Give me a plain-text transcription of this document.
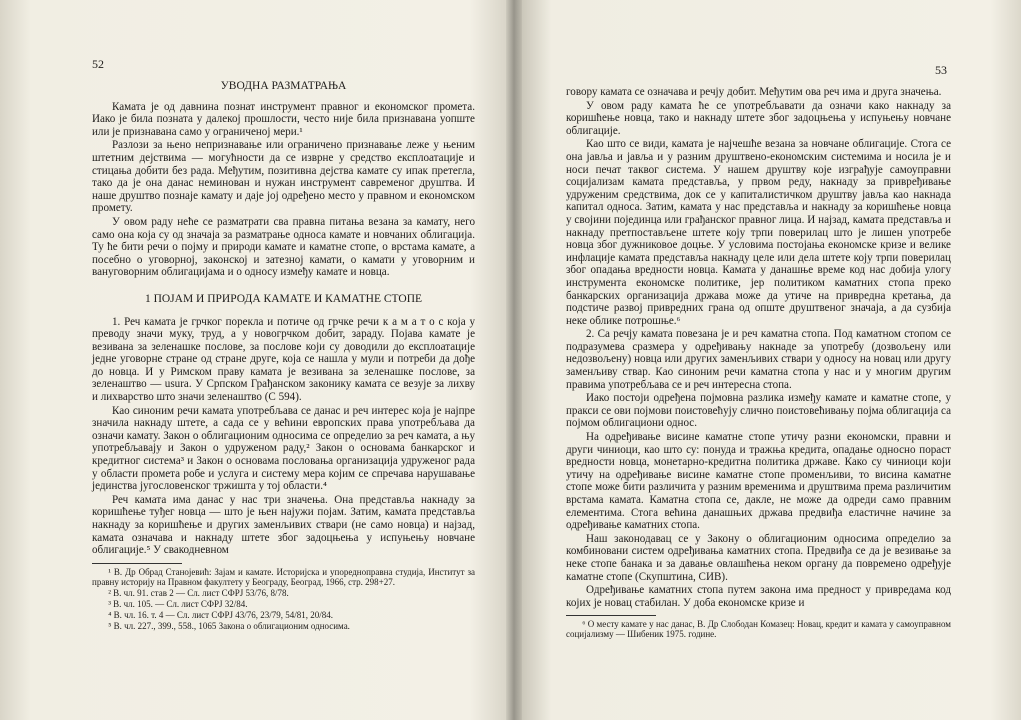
52

УВОДНА РАЗМАТРАЊА

Камата је од давнина познат инструмент правног и економског промета. Иако је била позната у далекој прошлости, често није била признавана уопште или је признавана само у ограниченој мери.¹

Разлози за њено непризнавање или ограничено признавање леже у њеним штетним дејствима — могућности да се изврне у средство експлоатације и стицања добити без рада. Међутим, позитивна дејства камате су ипак претегла, тако да је она данас неминован и нужан инструмент савременог друштва. И наше друштво познаје камату и даје јој одређено место у правном и економском промету.

У овом раду неће се разматрати сва правна питања везана за камату, него само она која су од значаја за разматрање односа камате и новчаних облигација. Ту ће бити речи о појму и природи камате и каматне стопе, о врстама камате, а посебно о уговорној, законској и затезној камати, о камати у уговорним и вануговорним облигацијама и о односу између камате и новца.

1 ПОЈАМ И ПРИРОДА КАМАТЕ И КАМАТНЕ СТОПЕ

1. Реч камата је грчког порекла и потиче од грчке речи к а м а т о с која у преводу значи муку, труд, а у новогрчком добит, зараду. Појава камате је везивана за зеленашке послове, за послове који су доводили до експлоатације једне уговорне стране од стране друге, која се нашла у мули и потреби да дође до новца. И у Римском праву камата је везивана за зеленашке послове, за зеленаштво — usura. У Српском Грађанском законику камата се везује за лихву и лихварство што значи зеленаштво (С 594).

Као синоним речи камата употребљава се данас и реч интерес која је најпре значила накнаду штете, а сада се у већини европских права употребљава да означи камату. Закон о облигационим односима се определио за реч камата, а њу употребљавају и Закон о удруженом раду,² Закон о основама банкарског и кредитног система³ и Закон о основама пословања организација удруженог рада у области промета робе и услуга и систему мера којим се спречава нарушавање јединства југословенског тржишта у тој области.⁴

Реч камата има данас у нас три значења. Она представља накнаду за коришћење туђег новца — што је њен најужи појам. Затим, камата представља накнаду за коришћење и других заменљивих ствари (не само новца) и најзад, камата означава и накнаду штете због задоцњења у испуњењу новчане облигације.⁵ У свакодневном

¹ В. Др Обрад Станојевић: Зајам и камате. Историјска и упоредноправна студија, Институт за правну историју на Правном факултету у Београду, Београд, 1966, стр. 298+27.

² В. чл. 91. став 2 — Сл. лист СФРЈ 53/76, 8/78.

³ В. чл. 105. — Сл. лист СФРЈ 32/84.

⁴ В. чл. 16. т. 4 — Сл. лист СФРЈ 43/76, 23/79, 54/81, 20/84.

⁵ В. чл. 227., 399., 558., 1065 Закона о облигационим односима.

53

говору камата се означава и речју добит. Међутим ова реч има и друга значења.

У овом раду камата ће се употребљавати да означи како накнаду за коришћење новца, тако и накнаду штете због задоцњења у испуњењу новчане облигације.

Као што се види, камата је најчешће везана за новчане облигације. Стога се она јавља и јавља и у разним друштвено-економским системима и носила је и носи печат таквог система. У нашем друштву које изграђује самоуправни социјализам камата представља, у првом реду, накнаду за привређивање удруженим средствима, док се у капиталистичком друштву јавља као накнада капитал односа. Затим, камата у нас представља и накнаду за коришћење новца у својини појединца или грађанског правног лица. И најзад, камата представља и накнаду претпостављене штете коју трпи поверилац што је лишен употребе новца због дужниковое доцње. У условима постојања економске кризе и велике инфлације камата представља накнаду целе или дела штете коју трпи поверилац због опадања вредности новца. Камата у данашње време код нас добија улогу инструмента економске политике, јер политиком каматних стопа преко банкарских организација држава може да утиче на привредна кретања, да подстиче развој привредних грана од опште друштвеног значаја, а да сузбија неке облике потрошње.⁶

2. Са речју камата повезана је и реч каматна стопа. Под каматном стопом се подразумева сразмера у одређивању накнаде за употребу (дозвољену или недозвољену) новца или других заменљивих ствари у односу на новац или другу заменљиву ствар. Као синоним речи каматна стопа у нас и у многим другим правима употребљава се и реч интересна стопа.

Иако постоји одређена појмовна разлика између камате и каматне стопе, у пракси се ови појмови поистовећују слично поистовећивању појма облигација са појмом облигациони однос.

На одређивање висине каматне стопе утичу разни економски, правни и други чиниоци, као што су: понуда и тражња кредита, опадање односно пораст вредности новца, монетарно-кредитна политика државе. Како су чиниоци који утичу на одређивање висине каматне стопе променљиви, то висина каматне стопе може бити различита у разним временима и друштвима према различитим врстама камата. Каматна стопа се, дакле, не може да одреди само правним елементима. Стога већина данашњих држава предвиђа еластичне начине за одређивање каматних стопа.

Наш законодавац се у Закону о облигационим односима определио за комбиновани систем одређивања каматних стопа. Предвиђа се да је везивање за неке стопе банака и за давање овлашћења неком органу да повремено одређује каматне стопе (Скупштина, СИВ).

Одређивање каматних стопа путем закона има предност у привредама код којих је новац стабилан. У доба економске кризе и

⁶ О месту камате у нас данас, В. Др Слободан Комазец: Новац, кредит и камата у самоуправном социјализму — Шибеник 1975. године.
